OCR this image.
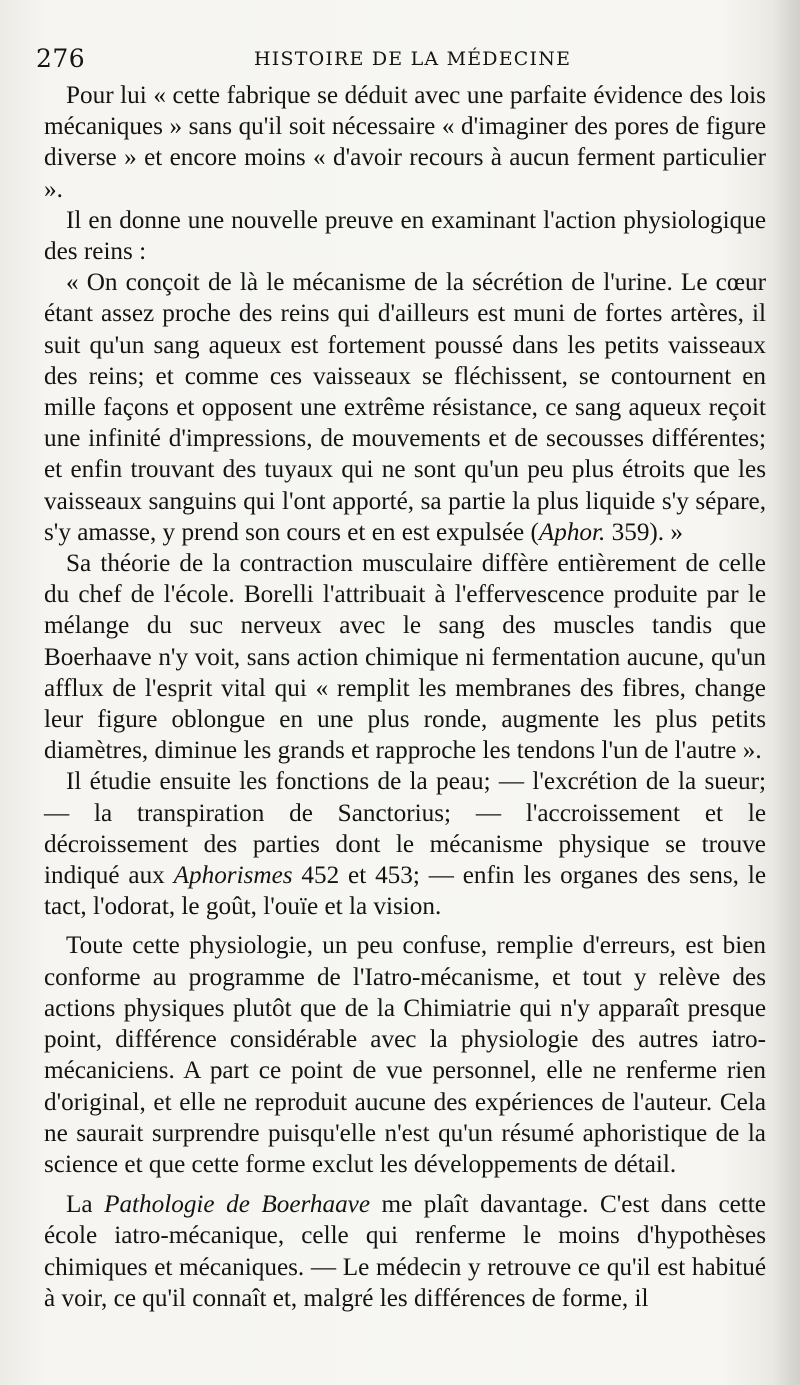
276	HISTOIRE DE LA MÉDECINE

Pour lui « cette fabrique se déduit avec une parfaite évidence des lois mécaniques » sans qu'il soit nécessaire « d'imaginer des pores de figure diverse » et encore moins « d'avoir recours à aucun ferment particulier ».

Il en donne une nouvelle preuve en examinant l'action physiologique des reins :

« On conçoit de là le mécanisme de la sécrétion de l'urine. Le cœur étant assez proche des reins qui d'ailleurs est muni de fortes artères, il suit qu'un sang aqueux est fortement poussé dans les petits vaisseaux des reins; et comme ces vaisseaux se fléchissent, se contournent en mille façons et opposent une extrême résistance, ce sang aqueux reçoit une infinité d'impressions, de mouvements et de secousses différentes; et enfin trouvant des tuyaux qui ne sont qu'un peu plus étroits que les vaisseaux sanguins qui l'ont apporté, sa partie la plus liquide s'y sépare, s'y amasse, y prend son cours et en est expulsée (Aphor. 359). »

Sa théorie de la contraction musculaire diffère entièrement de celle du chef de l'école. Borelli l'attribuait à l'effervescence produite par le mélange du suc nerveux avec le sang des muscles tandis que Boerhaave n'y voit, sans action chimique ni fermentation aucune, qu'un afflux de l'esprit vital qui « remplit les membranes des fibres, change leur figure oblongue en une plus ronde, augmente les plus petits diamètres, diminue les grands et rapproche les tendons l'un de l'autre ».

Il étudie ensuite les fonctions de la peau; — l'excrétion de la sueur; — la transpiration de Sanctorius; — l'accroissement et le décroissement des parties dont le mécanisme physique se trouve indiqué aux Aphorismes 452 et 453; — enfin les organes des sens, le tact, l'odorat, le goût, l'ouïe et la vision.

Toute cette physiologie, un peu confuse, remplie d'erreurs, est bien conforme au programme de l'Iatro-mécanisme, et tout y relève des actions physiques plutôt que de la Chimiatrie qui n'y apparaît presque point, différence considérable avec la physiologie des autres iatro-mécaniciens. A part ce point de vue personnel, elle ne renferme rien d'original, et elle ne reproduit aucune des expériences de l'auteur. Cela ne saurait surprendre puisqu'elle n'est qu'un résumé aphoristique de la science et que cette forme exclut les développements de détail.

La Pathologie de Boerhaave me plaît davantage. C'est dans cette école iatro-mécanique, celle qui renferme le moins d'hypothèses chimiques et mécaniques. — Le médecin y retrouve ce qu'il est habitué à voir, ce qu'il connaît et, malgré les différences de forme, il
